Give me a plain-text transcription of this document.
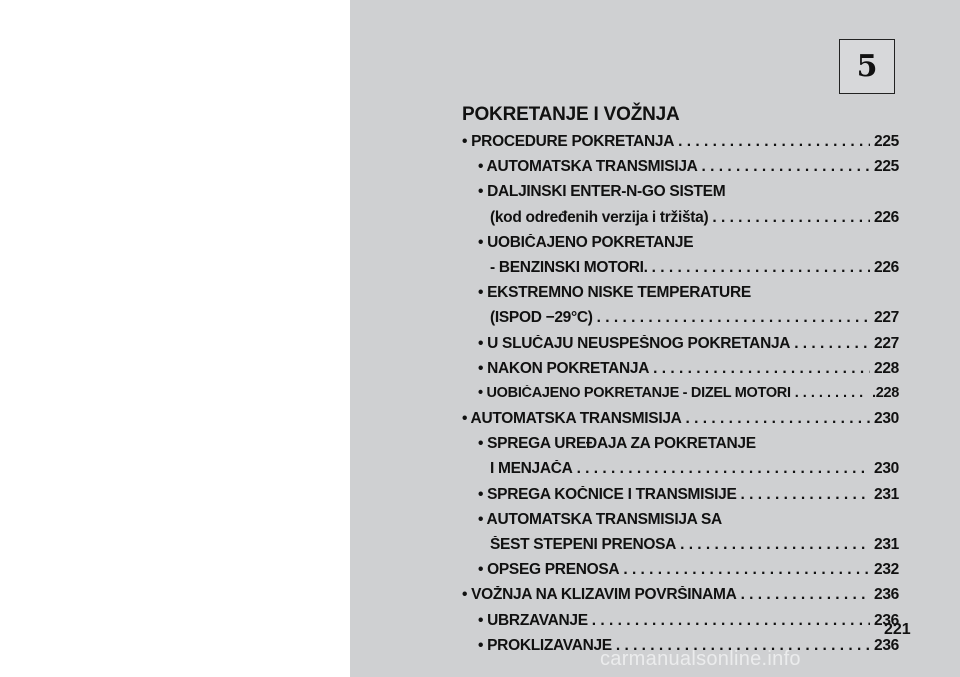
5
POKRETANJE I VOŽNJA
• PROCEDURE POKRETANJA . . .	225
• AUTOMATSKA TRANSMISIJA . . .	225
• DALJINSKI ENTER-N-GO SISTEM
(kod određenih verzija i tržišta) . . .	226
• UOBIČAJENO POKRETANJE
- BENZINSKI MOTORI. . . .	226
• EKSTREMNO NISKE TEMPERATURE
(ISPOD −29°C) . . .	227
• U SLUČAJU NEUSPEŠNOG POKRETANJA . . .	227
• NAKON POKRETANJA . . .	228
• UOBIČAJENO POKRETANJE - DIZEL MOTORI . . .	.228
• AUTOMATSKA TRANSMISIJA . . .	230
• SPREGA UREĐAJA ZA POKRETANJE
I MENJAČA . . .	230
• SPREGA KOČNICE I TRANSMISIJE . . .	231
• AUTOMATSKA TRANSMISIJA SA
ŠEST STEPENI PRENOSA . . .	231
• OPSEG PRENOSA . . .	232
• VOŽNJA NA KLIZAVIM POVRŠINAMA . . .	236
• UBRZAVANJE . . .	236
• PROKLIZAVANJE . . .	236
221
carmanualsonline.info
